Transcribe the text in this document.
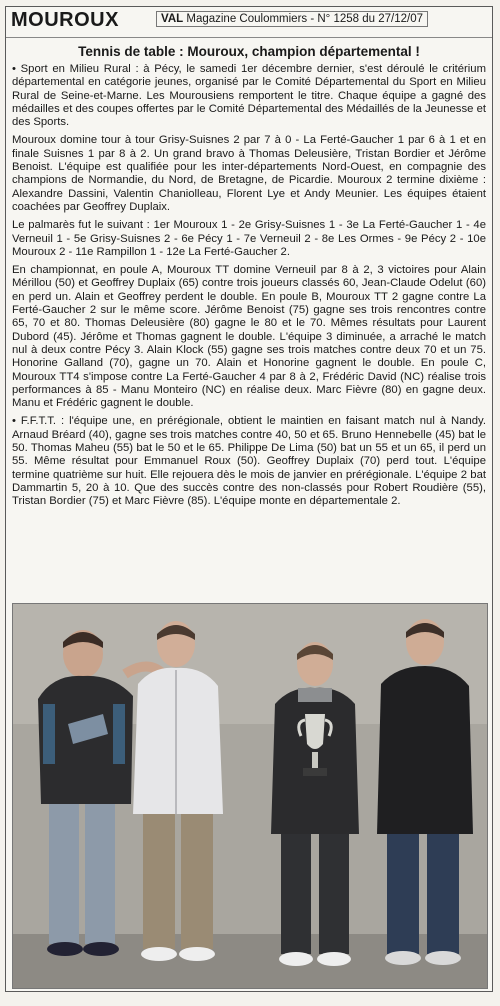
MOUROUX	VAL Magazine Coulommiers - N° 1258 du 27/12/07
Tennis de table : Mouroux, champion départemental !

• Sport en Milieu Rural : à Pécy, le samedi 1er décembre dernier, s'est déroulé le critérium départemental en catégorie jeunes, organisé par le Comité Départemental du Sport en Milieu Rural de Seine-et-Marne. Les Mourousiens remportent le titre. Chaque équipe a gagné des médailles et des coupes offertes par le Comité Départemental des Médaillés de la Jeunesse et des Sports.

Mouroux domine tour à tour Grisy-Suisnes 2 par 7 à 0 - La Ferté-Gaucher 1 par 6 à 1 et en finale Suisnes 1 par 8 à 2. Un grand bravo à Thomas Deleusière, Tristan Bordier et Jérôme Benoist. L'équipe est qualifiée pour les inter-départements Nord-Ouest, en compagnie des champions de Normandie, du Nord, de Bretagne, de Picardie. Mouroux 2 termine dixième : Alexandre Dassini, Valentin Chaniolleau, Florent Lye et Andy Meunier. Les équipes étaient coachées par Geoffrey Duplaix.

Le palmarès fut le suivant : 1er Mouroux 1 - 2e Grisy-Suisnes 1 - 3e La Ferté-Gaucher 1 - 4e Verneuil 1 - 5e Grisy-Suisnes 2 - 6e Pécy 1 - 7e Verneuil 2 - 8e Les Ormes - 9e Pécy 2 - 10e Mouroux 2 - 11e Rampillon 1 - 12e La Ferté-Gaucher 2.

En championnat, en poule A, Mouroux TT domine Verneuil par 8 à 2, 3 victoires pour Alain Mérillou (50) et Geoffrey Duplaix (65) contre trois joueurs classés 60, Jean-Claude Odelut (60) en perd un. Alain et Geoffrey perdent le double. En poule B, Mouroux TT 2 gagne contre La Ferté-Gaucher 2 sur le même score. Jérôme Benoist (75) gagne ses trois rencontres contre 65, 70 et 80. Thomas Deleusière (80) gagne le 80 et le 70. Mêmes résultats pour Laurent Dubord (45). Jérôme et Thomas gagnent le double. L'équipe 3 diminuée, a arraché le match nul à deux contre Pécy 3. Alain Klock (55) gagne ses trois matches contre deux 70 et un 75. Honorine Galland (70), gagne un 70. Alain et Honorine gagnent le double. En poule C, Mouroux TT4 s'impose contre La Ferté-Gaucher 4 par 8 à 2, Frédéric David (NC) réalise trois performances à 85 - Manu Monteiro (NC) en réalise deux. Marc Fièvre (80) en gagne deux. Manu et Frédéric gagnent le double.

• F.F.T.T. : l'équipe une, en prérégionale, obtient le maintien en faisant match nul à Nandy. Arnaud Bréard (40), gagne ses trois matches contre 40, 50 et 65. Bruno Hennebelle (45) bat le 50. Thomas Maheu (55) bat le 50 et le 65. Philippe De Lima (50) bat un 55 et un 65, il perd un 55. Même résultat pour Emmanuel Roux (50). Geoffrey Duplaix (70) perd tout. L'équipe termine quatrième sur huit. Elle rejouera dès le mois de janvier en prérégionale. L'équipe 2 bat Dammartin 5, 20 à 10. Que des succès contre des non-classés pour Robert Roudière (55), Tristan Bordier (75) et Marc Fièvre (85). L'équipe monte en départementale 2.
